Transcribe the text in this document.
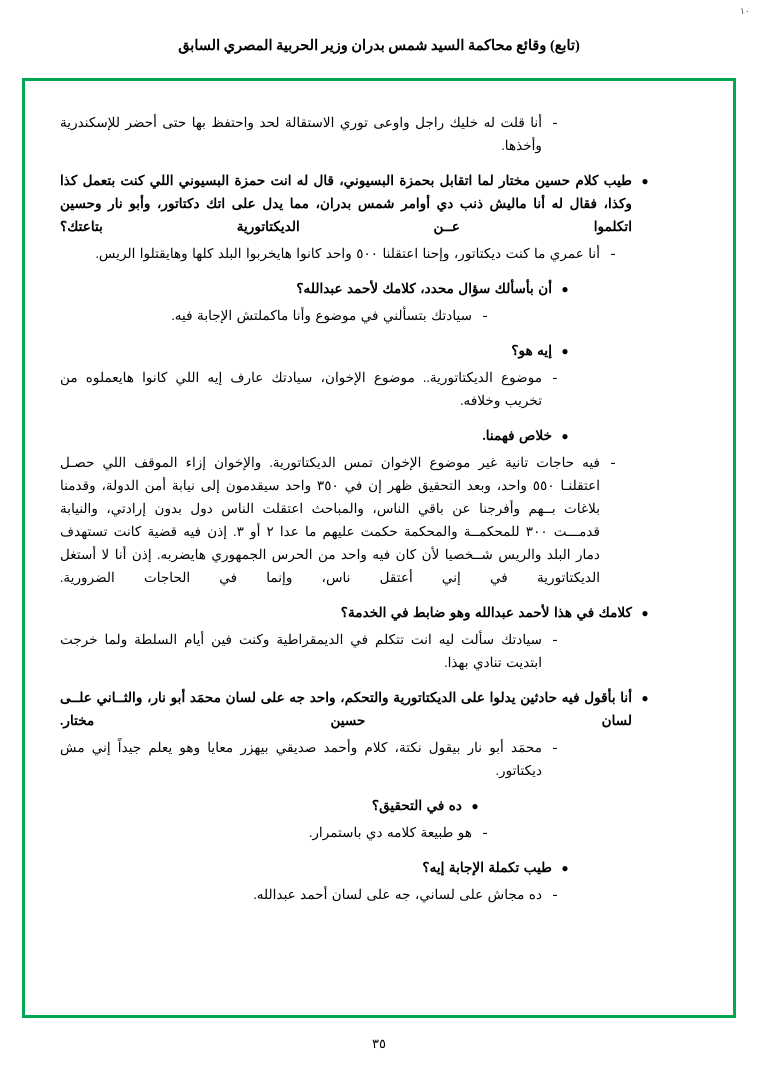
١٠
(تابع) وقائع محاكمة السيد شمس بدران وزير الحربية المصري السابق
-
أنا قلت له خليك راجل واوعى توري الاستقالة لحد واحتفظ بها حتى أحضر للإسكندرية وأخذها.
●
طيب كلام حسين مختار لما اتقابل بحمزة البسيوني، قال له انت حمزة البسيوني اللي كنت بتعمل كذا وكذا، فقال له أنا ماليش ذنب دي أوامر شمس بدران، مما يدل على اتك دكتاتور، وأبو نار وحسين اتكلموا عــن الديكتاتورية بتاعتك؟
-
أنا عمري ما كنت ديكتاتور، وإحنا اعتقلنا ٥٠٠ واحد كانوا هايخربوا البلد كلها وهايقتلوا الريس.
●
أن بأسألك سؤال محدد، كلامك لأحمد عبدالله؟
-
سيادتك بتسألني في موضوع وأنا ماكملتش الإجابة فيه.
●
إيه هو؟
-
موضوع الديكتاتورية.. موضوع الإخوان، سيادتك عارف إيه اللي كانوا هايعملوه من تخريب وخلافه.
●
خلاص فهمنا.
-
فيه حاجات تانية غير موضوع الإخوان تمس الديكتاتورية. والإخوان إزاء الموقف اللي حصـل اعتقلنـا ٥٥٠ واحد، وبعد التحقيق ظهر إن في ٣٥٠ واحد سيقدمون إلى نيابة أمن الدولة، وقدمنا بلاغات بــهم وأفرجنا عن باقي الناس، والمباحث اعتقلت الناس دول بدون إرادتي، والنيابة قدمـــت ٣٠٠ للمحكمــة والمحكمة حكمت عليهم ما عدا ٢ أو ٣. إذن فيه قضية كانت تستهدف دمار البلد والريس شــخصيا لأن كان فيه واحد من الحرس الجمهوري هايضربه. إذن أنا لا أستغل الديكتاتورية في إني أعتقل ناس، وإنما في الحاجات الضرورية.
●
كلامك في هذا لأحمد عبدالله وهو ضابط في الخدمة؟
-
سيادتك سألت ليه انت تتكلم في الديمقراطية وكنت فين أيام السلطة ولما خرجت ابتديت تنادي بهذا.
●
أنا بأقول فيه حادثين يدلوا على الديكتاتورية والتحكم، واحد جه على لسان محمَد أبو نار، والثــاني علــى لسان حسين مختار.
-
محمَد أبو نار بيقول نكتة، كلام وأحمد صديقي بيهزر معايا وهو يعلم جيداً إني مش ديكتاتور.
●
ده في التحقيق؟
-
هو طبيعة كلامه دي باستمرار.
●
طيب تكملة الإجابة إيه؟
-
ده مجاش على لساني، جه على لسان أحمد عبدالله.
٣٥
